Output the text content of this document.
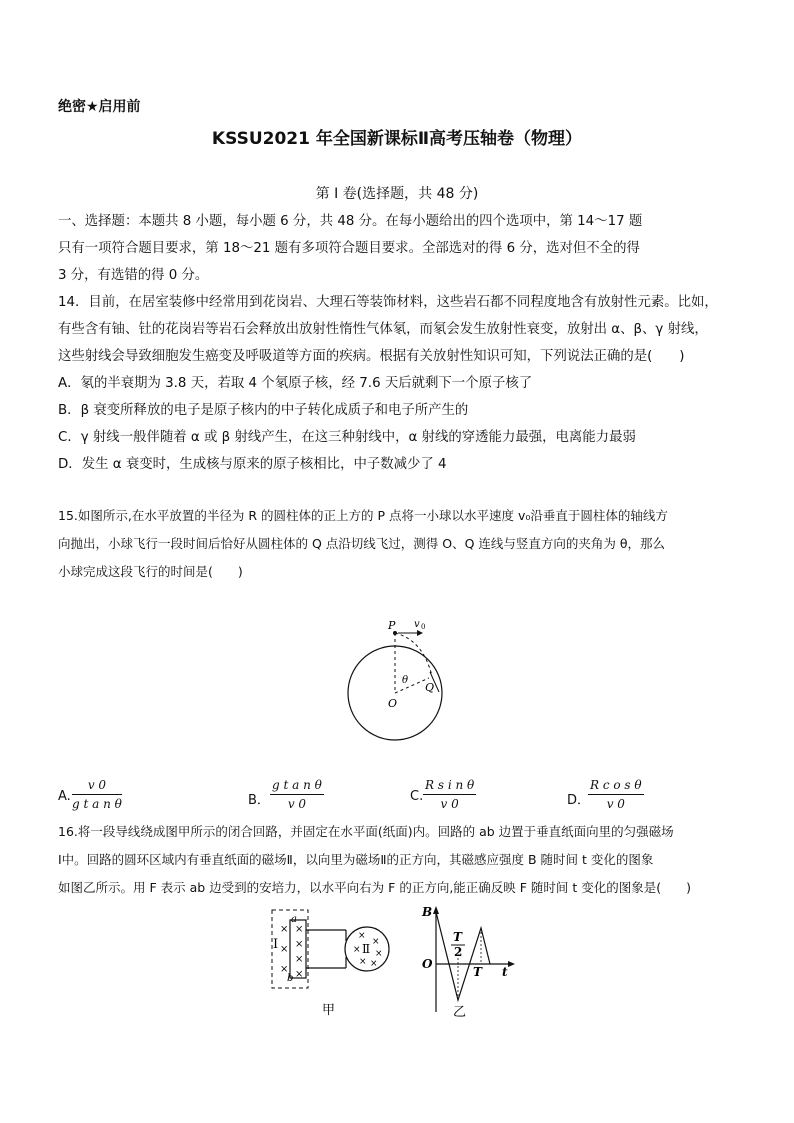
绝密★启用前
KSSU2021 年全国新课标Ⅱ高考压轴卷（物理）
第 I 卷(选择题，共 48 分)
一、选择题：本题共 8 小题，每小题 6 分，共 48 分。在每小题给出的四个选项中，第 14～17 题
只有一项符合题目要求，第 18～21 题有多项符合题目要求。全部选对的得 6 分，选对但不全的得
3 分，有选错的得 0 分。
14．目前，在居室装修中经常用到花岗岩、大理石等装饰材料，这些岩石都不同程度地含有放射性元素。比如，
有些含有铀、钍的花岗岩等岩石会释放出放射性惰性气体氡，而氡会发生放射性衰变，放射出 α、β、γ 射线，
这些射线会导致细胞发生癌变及呼吸道等方面的疾病。根据有关放射性知识可知，下列说法正确的是(　　)
A．氡的半衰期为 3.8 天，若取 4 个氡原子核，经 7.6 天后就剩下一个原子核了
B．β 衰变所释放的电子是原子核内的中子转化成质子和电子所产生的
C．γ 射线一般伴随着 α 或 β 射线产生，在这三种射线中，α 射线的穿透能力最强，电离能力最弱
D．发生 α 衰变时，生成核与原来的原子核相比，中子数减少了 4
15.如图所示,在水平放置的半径为 R 的圆柱体的正上方的 P 点将一小球以水平速度 v₀沿垂直于圆柱体的轴线方
向抛出，小球飞行一段时间后恰好从圆柱体的 Q 点沿切线飞过，测得 O、Q 连线与竖直方向的夹角为 θ，那么
小球完成这段飞行的时间是(　　)
P v 0
θ
Q
O
A. $\frac{v 0}{\text{g t a n θ}}$	B． $\frac{\text{g t a n θ}}{v 0}$	C. $\frac{\text{R s i n θ}}{v 0}$	D．
$\frac{\text{R c o s θ}}{v 0}$
16.将一段导线绕成图甲所示的闭合回路，并固定在水平面(纸面)内。回路的 ab 边置于垂直纸面向里的匀强磁场
Ⅰ中。回路的圆环区域内有垂直纸面的磁场Ⅱ，以向里为磁场Ⅱ的正方向，其磁感应强度 B 随时间 t 变化的图象
如图乙所示。用 F 表示 ab 边受到的安培力，以水平向右为 F 的正方向,能正确反映 F 随时间 t 变化的图象是(　　)
Ⅰ
a
b
×
×
×
×
×
×
×
×
×
× ×
× ×
Ⅱ
甲
B
O
T
2
T t
乙
